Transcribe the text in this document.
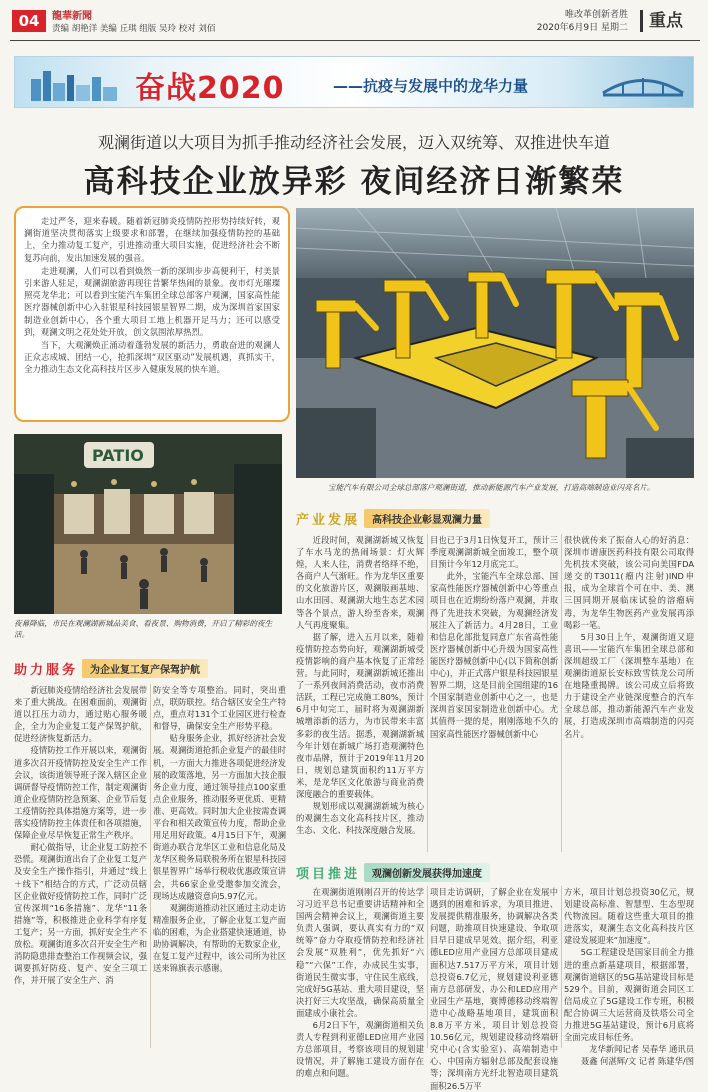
04	龍華新聞
责编 胡艳洋 美编 丘琪 组版 吴玲 校对 刘佰
唯改革创新者胜
2020年6月9日 星期二	重点
奋战2020	——抗疫与发展中的龙华力量
观澜街道以大项目为抓手推动经济社会发展，迈入双统筹、双推进快车道
高科技企业放异彩 夜间经济日渐繁荣

走过严冬，迎来春暖。随着新冠肺炎疫情防控形势持续好转，观澜街道坚决贯彻落实上级要求和部署，在继续加强疫情防控的基础上，全力推动复工复产，引进推动重大项目实施，促进经济社会不断复苏向前，发出加速发展的强音。

走进观澜，人们可以看到焕然一新的深圳步步高便利干，村美景引来游人驻足，观澜湖旅游再现往昔繁华热闹的景象。夜市灯光璀璨照亮龙华北；可以看到宝能汽车集团全球总部客户观澜，国家高性能医疗器械创新中心入驻银星科技园银星智界二期，成为深圳首家国家制造业创新中心，各个重大项目工地上机器开足马力；还可以感受到，观澜文明之花处处开放，创文氛围浓厚热烈。

当下，大观澜焕正涌动着蓬勃发展的新活力，勇敢奋进的观澜人正众志成城、团结一心，抢抓深圳“双区驱动”发展机遇，真抓实干，全力推动生态文化高科技片区步入健康发展的快车道。

宝能汽车有限公司全球总部落户观澜街道，推动新能源汽车产业发展，打造高端制造业闪亮名片。
PATIO
夜幕降临，市民在观澜湖新城品美食、看夜景、购物消费，开启了精彩的夜生活。
助力服务 为企业复工复产保驾护航

新冠肺炎疫情给经济社会发展带来了重大挑战。在困难面前，观澜街道以扛压力动力，通过贴心服务暖企，全力为企业复工复产保驾护航，促进经济恢复新活力。

疫情防控工作开展以来，观澜街道多次召开疫情防控及安全生产工作会议，该街道领导班子深入辖区企业调研督导疫情防控工作，制定观澜街道企业疫情防控急预案、企业节后复工疫情防控具体措施方案等，进一步落实疫情防控主体责任和各项措施，保障企业尽早恢复正常生产秩序。

耐心做指导，让企业复工防控不恐慌。观澜街道出台了企业复工复产及安全生产操作指引，并通过“线上＋线下”相结合的方式，广泛动员辖区企业做好疫情防控工作，同时广泛宣传深圳“16条措施”、龙华“11条措施”等，积极推进企业科学有序复工复产；另一方面，抓好安全生产不放松。观澜街道多次召开安全生产和消防隐患排查整治工作视频会议，强调要抓好防疫、复产、安全三项工作，并开展了安全生产、消

防安全等专项整治。同时，突出重点，联防联控。结合辖区安全生产特点，重点对131个工业园区进行检查和督导，确保安全生产形势平稳。

贴身服务企业，抓好经济社会发展。观澜街道抢抓企业复产的最佳时机，一方面大力推进各项促进经济发展的政策落地，另一方面加大技企服务企业力度，通过领导挂点100家重点企业服务，推动服务更优质、更精准、更高效。同时加大企业按需查调平台和相关政策宣传力度，帮助企业用足用好政策。4月15日下午，观澜街道办联合龙华区工业和信息化局及龙华区税务局联税务所在银星科技园银星智界广场举行税收优惠政策宣讲会，共66家企业受邀参加交流会，现场达成融资意向5.97亿元。

观澜街道推动社区通过主动走访精准服务企业，了解企业复工复产面临的困难，为企业搭建快速通道，协助协调解决，有帮助的无数家企业，在复工复产过程中，该公司所为社区送来锦旗表示感谢。

产业发展 高科技企业彰显观澜力量

近段时间，观澜湖新城又恢复了车水马龙的热闹场景：灯火辉煌，人来人往，消费者络绎不绝，各商户人气渐旺。作为龙华区重要的文化旅游片区，观澜版画基地、山水田园、观澜湖大地生态艺术园等各个景点，游人纷至沓来，观澜人气再度聚集。

据了解，进入五月以来，随着疫情防控态势向好，观澜湖新城受疫情影响的商户基本恢复了正常经营。与此同时，观澜湖新城还推出了一系列夜间消费活动，夜市消费活跃，工程已完成施工80%，预计6月中旬完工，届时将为观澜湖新城增添新的活力，为市民带来丰富多彩的夜生活。据悉，观澜湖新城今年计划在新城广场打造观澜特色夜市品牌，预计于2019年11月20日，规划总建筑面积约11万平方米，是龙华区文化旅游与商业消费深度融合的重要载体。

规划形成以观澜湖新城为核心的观澜生态文化高科技片区，推动生态、文化、科技深度融合发展。

目也已于3月1日恢复开工，预计三季度观澜湖新城全面竣工，整个项目预计今年12月底完工。

此外，宝能汽车全球总部、国家高性能医疗器械创新中心等重点项目也在近期纷纷落户观澜，并取得了先进技术突破，为观澜经济发展注入了新活力。4月28日，工业和信息化部批复同意广东省高性能医疗器械创新中心升级为国家高性能医疗器械创新中心(以下简称创新中心)，并正式落户银星科技园银星智界二期，这是目前全国组建的16个国家制造业创新中心之一，也是深圳首家国家制造业创新中心。尤其值得一提的是，刚刚落地不久的国家高性能医疗器械创新中心

很快就传来了振奋人心的好消息：深圳市谱康医药科技有限公司取得先机技术突破，该公司向美国FDA递交的T3011(瘤内注射)IND申报，成为全球首个可在中、美、澳三国同期开展临床试验的溶瘤病毒，为龙华生物医药产业发展再添喝彩一笔。

5月30日上午，观澜街道又迎喜讯——宝能汽车集团全球总部和深圳超级工厂（深圳整车基地）在观澜街道原长安标致雪铁龙公司所在地隆重揭牌。该公司成立后将致力于建设全产业链深度整合的汽车全球总部，推动新能源汽车产业发展，打造成深圳市高端制造的闪亮名片。

项目推进 观澜创新发展获得加速度

在观澜街道刚刚召开的传达学习习近平总书记重要讲话精神和全国两会精神会议上，观澜街道主要负责人强调，要认真实有力的“双统筹”奋力夺取疫情防控和经济社会发展“双胜利”，优先抓好“六稳”“六保”工作，办成民生实事，街道民生微实事，守住民生底线，完成好5G基站、重大项目建设，坚决打好三大攻坚战，确保高质量全面建成小康社会。

6月2日下午，观澜街道相关负责人专程到利亚德LED应用产业园方总部项目，考察该项目的规划建设情况，并了解施工建设方面存在的难点和问题。

项目走访调研，了解企业在发展中遇到的困难和诉求，为项目推进、发展提供精准服务，协调解决各类问题，助推项目快速建设、争取项目早日建成早见效。据介绍，利亚德LED应用产业园方总部项目建成面积达7.517万平方米，项目计划总投资6.7亿元，规划建设利亚德南方总部研发、办公和LED应用产业园生产基地，赛博德移动终端智造中心战略基地项目，建筑面积8.8万平方米，项目计划总投资10.56亿元，规划建设移动终端研究中心(含实验室)、高端制造中心、中国南方辐射总部及配套设施等；深圳南方光纤北智造项目建筑面积26.5万平

方米，项目计划总投资30亿元，规划建设高标准、智慧型、生态型现代物流园。随着这些重大项目的推进落实，观澜生态文化高科技片区建设发展迎来“加速度”。

5G工程建设是国家目前全力推进的重点新基建项目，根据部署，观澜街道辖区的5G基站建设目标是529个。目前，观澜街道会同区工信局成立了5G建设工作专班，积极配合协调三大运营商及铁塔公司全力推进5G基站建设，预计6月底将全面完成目标任务。

龙华新闻记者 吴春华 通讯员 聂鑫 何湛辉/文 记者 陈建华/图
